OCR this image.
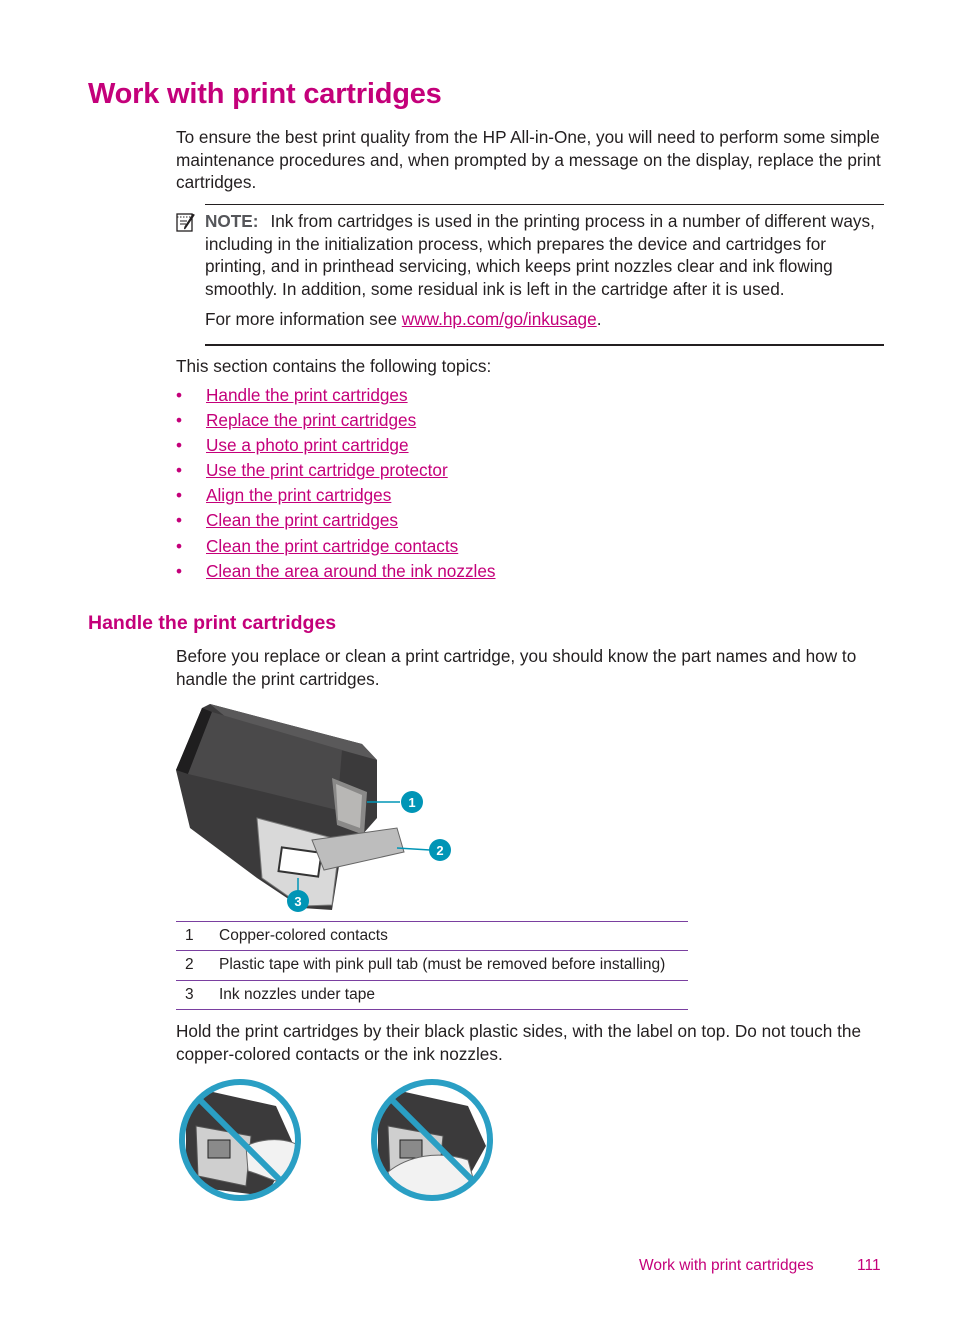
Work with print cartridges

To ensure the best print quality from the HP All-in-One, you will need to perform some simple maintenance procedures and, when prompted by a message on the display, replace the print cartridges.

NOTE: Ink from cartridges is used in the printing process in a number of different ways, including in the initialization process, which prepares the device and cartridges for printing, and in printhead servicing, which keeps print nozzles clear and ink flowing smoothly. In addition, some residual ink is left in the cartridge after it is used.

For more information see www.hp.com/go/inkusage.

This section contains the following topics:

• Handle the print cartridges
• Replace the print cartridges
• Use a photo print cartridge
• Use the print cartridge protector
• Align the print cartridges
• Clean the print cartridges
• Clean the print cartridge contacts
• Clean the area around the ink nozzles
Handle the print cartridges

Before you replace or clean a print cartridge, you should know the part names and how to handle the print cartridges.

1
2
3
1	Copper-colored contacts
2	Plastic tape with pink pull tab (must be removed before installing)
3	Ink nozzles under tape

Hold the print cartridges by their black plastic sides, with the label on top. Do not touch the copper-colored contacts or the ink nozzles.

Work with print cartridges	111
